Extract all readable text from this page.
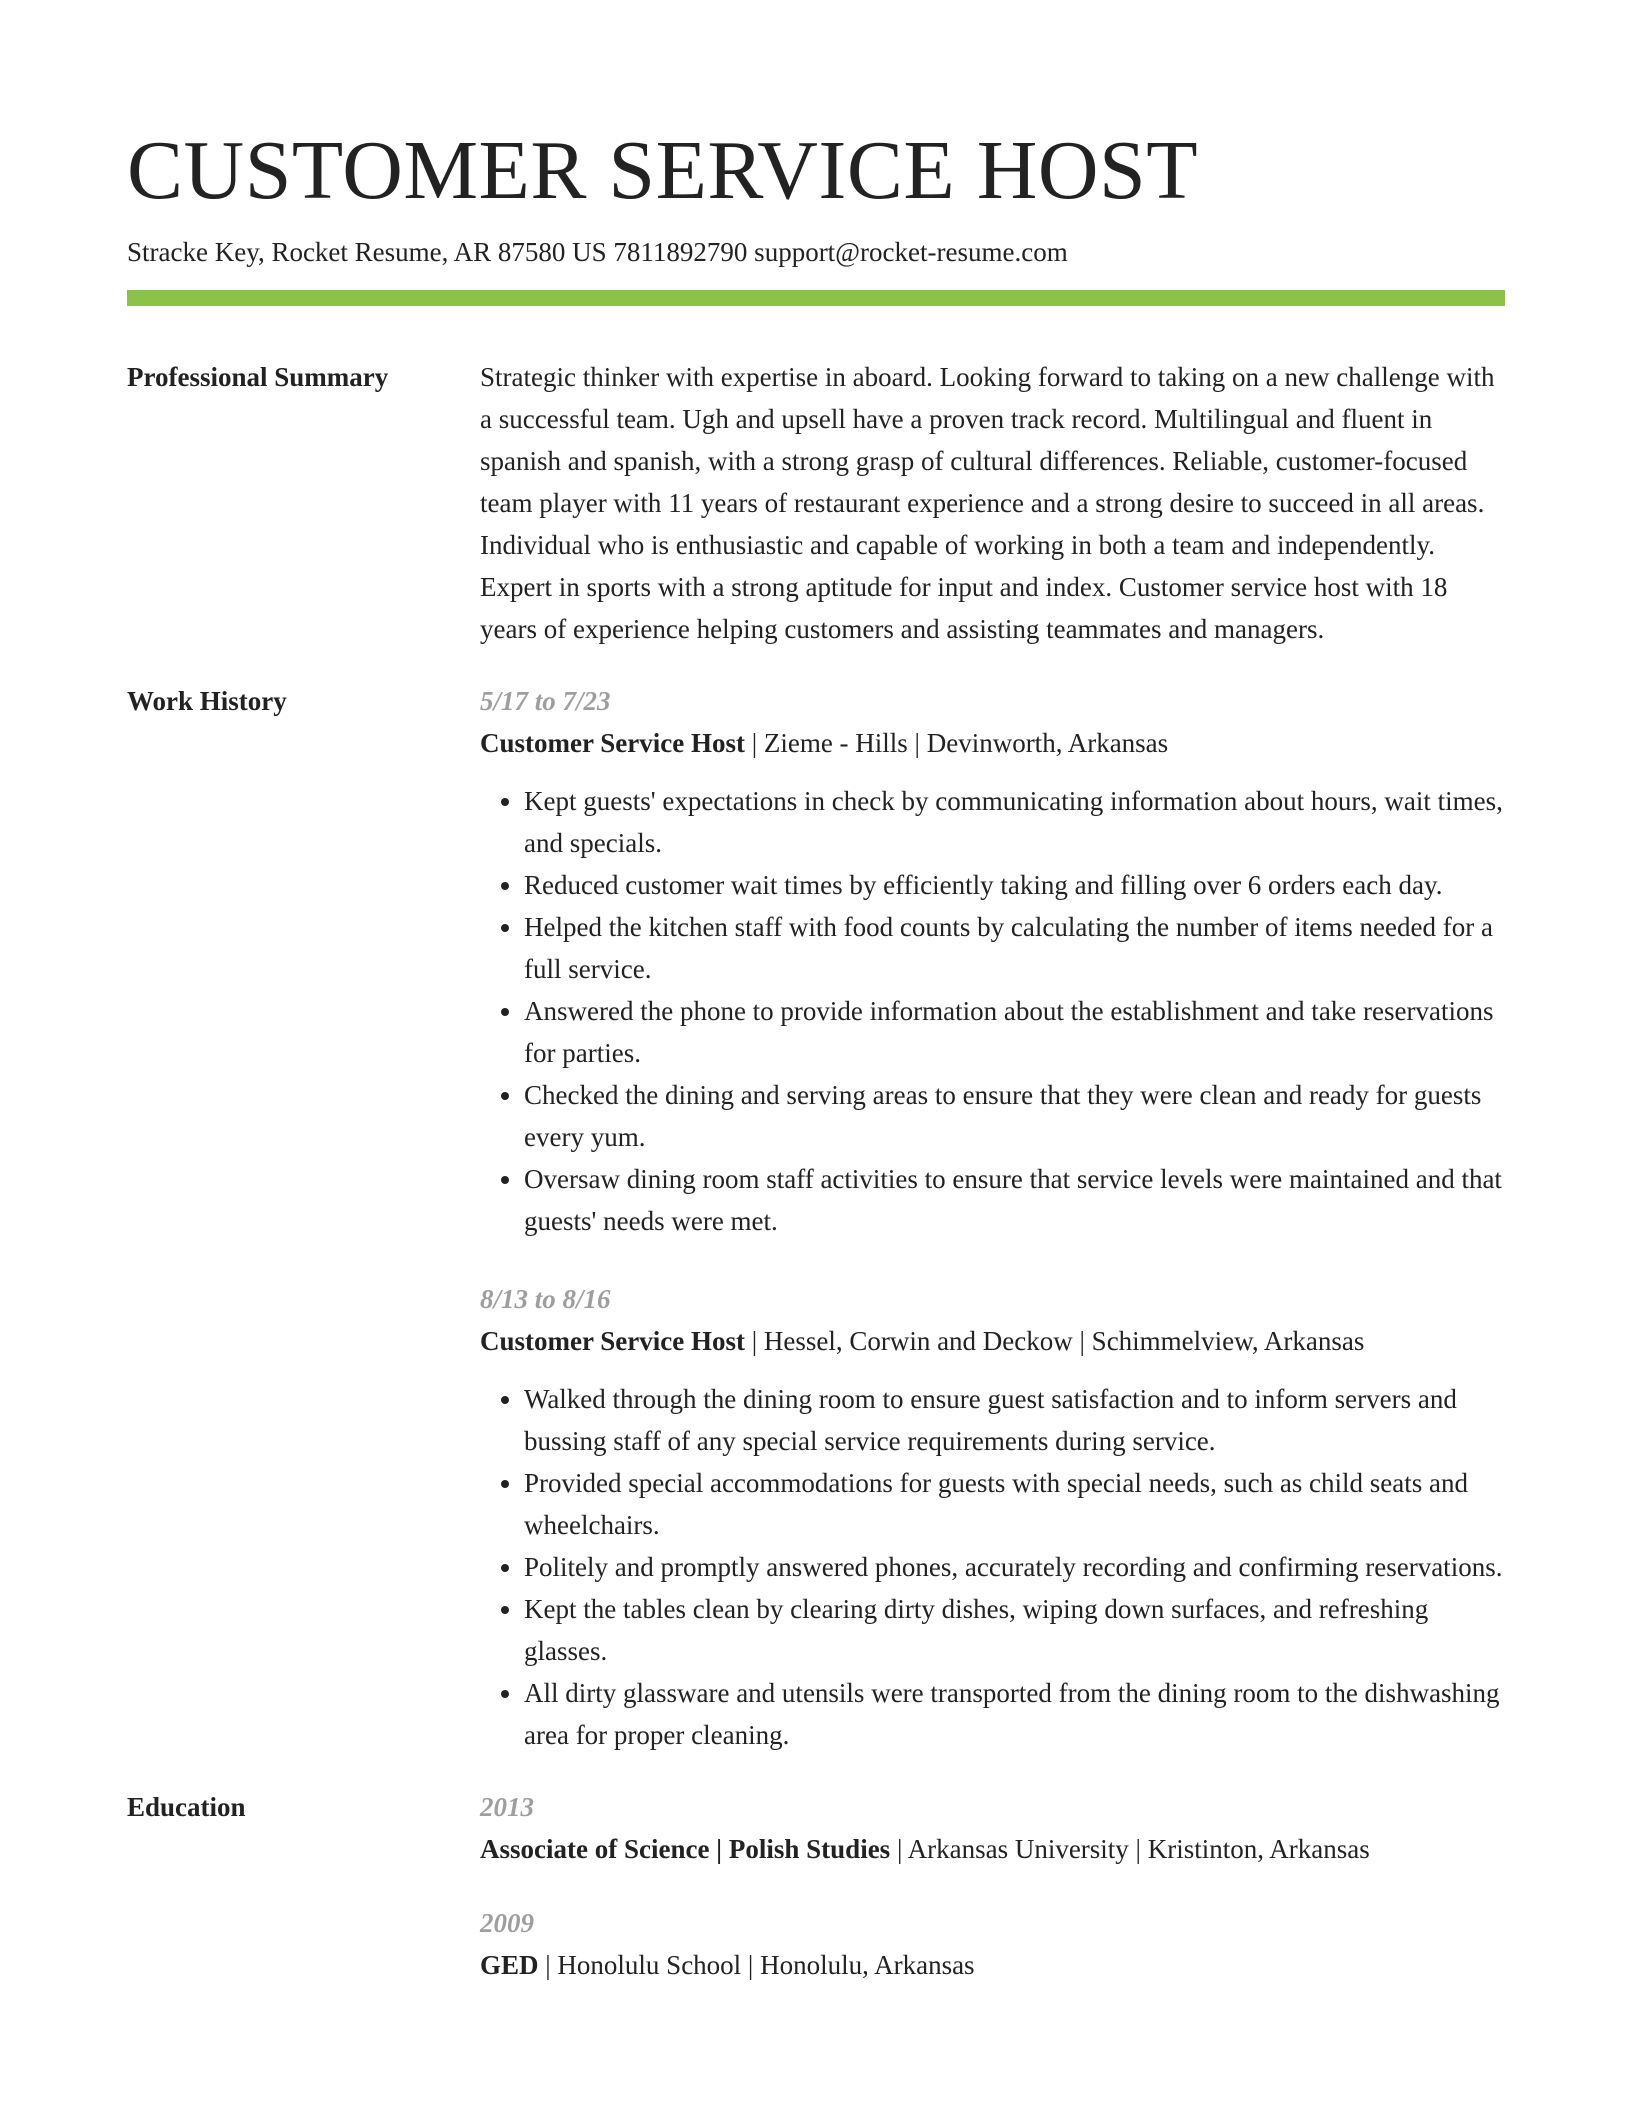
CUSTOMER SERVICE HOST
Stracke Key, Rocket Resume, AR 87580 US 7811892790 support@rocket-resume.com
Professional Summary	Strategic thinker with expertise in aboard. Looking forward to taking on a new challenge with a successful team. Ugh and upsell have a proven track record. Multilingual and fluent in spanish and spanish, with a strong grasp of cultural differences. Reliable, customer-focused team player with 11 years of restaurant experience and a strong desire to succeed in all areas. Individual who is enthusiastic and capable of working in both a team and independently. Expert in sports with a strong aptitude for input and index. Customer service host with 18 years of experience helping customers and assisting teammates and managers.

Work History	5/17 to 7/23
Customer Service Host | Zieme - Hills | Devinworth, Arkansas
• Kept guests' expectations in check by communicating information about hours, wait times, and specials.
• Reduced customer wait times by efficiently taking and filling over 6 orders each day.
• Helped the kitchen staff with food counts by calculating the number of items needed for a full service.
• Answered the phone to provide information about the establishment and take reservations for parties.
• Checked the dining and serving areas to ensure that they were clean and ready for guests every yum.
• Oversaw dining room staff activities to ensure that service levels were maintained and that guests' needs were met.
8/13 to 8/16
Customer Service Host | Hessel, Corwin and Deckow | Schimmelview, Arkansas
• Walked through the dining room to ensure guest satisfaction and to inform servers and bussing staff of any special service requirements during service.
• Provided special accommodations for guests with special needs, such as child seats and wheelchairs.
• Politely and promptly answered phones, accurately recording and confirming reservations.
• Kept the tables clean by clearing dirty dishes, wiping down surfaces, and refreshing glasses.
• All dirty glassware and utensils were transported from the dining room to the dishwashing area for proper cleaning.
Education	2013
Associate of Science | Polish Studies | Arkansas University | Kristinton, Arkansas
2009
GED | Honolulu School | Honolulu, Arkansas
